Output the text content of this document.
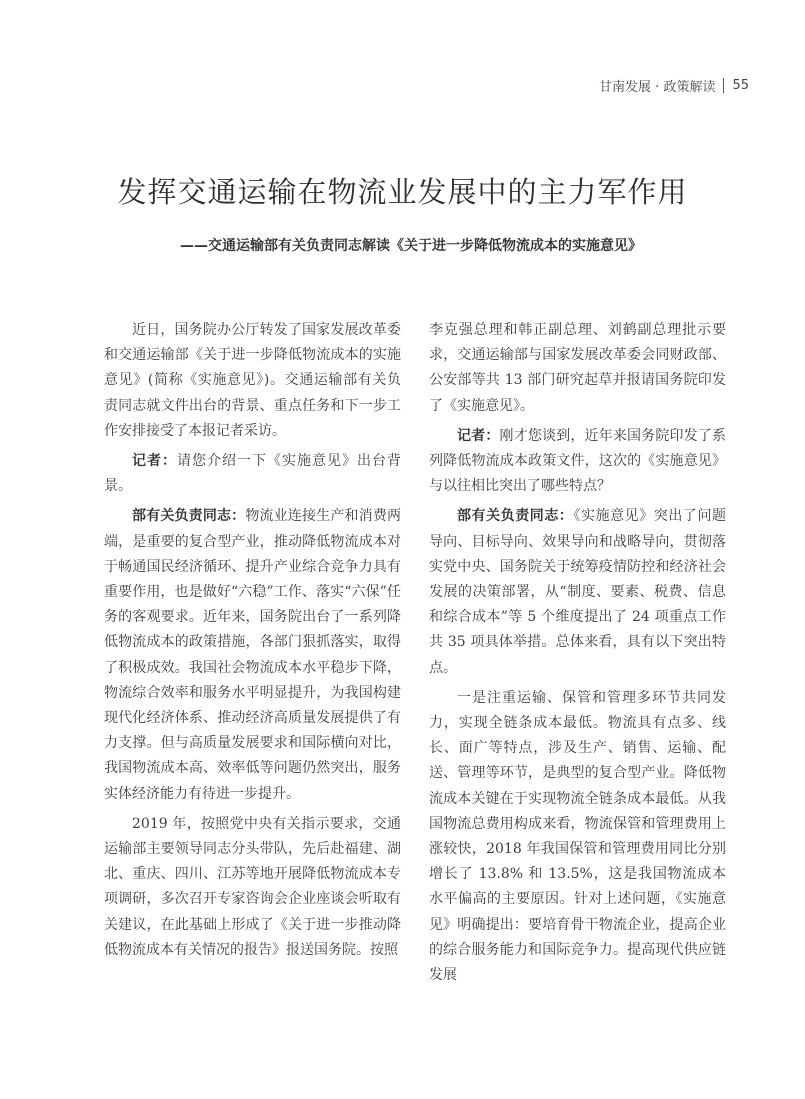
甘南发展 · 政策解读 55
发挥交通运输在物流业发展中的主力军作用
——交通运输部有关负责同志解读《关于进一步降低物流成本的实施意见》

近日，国务院办公厅转发了国家发展改革委和交通运输部《关于进一步降低物流成本的实施意见》(简称《实施意见》)。交通运输部有关负责同志就文件出台的背景、重点任务和下一步工作安排接受了本报记者采访。

记者：请您介绍一下《实施意见》出台背景。

部有关负责同志：物流业连接生产和消费两端，是重要的复合型产业，推动降低物流成本对于畅通国民经济循环、提升产业综合竞争力具有重要作用，也是做好“六稳”工作、落实“六保”任务的客观要求。近年来，国务院出台了一系列降低物流成本的政策措施，各部门狠抓落实，取得了积极成效。我国社会物流成本水平稳步下降，物流综合效率和服务水平明显提升，为我国构建现代化经济体系、推动经济高质量发展提供了有力支撑。但与高质量发展要求和国际横向对比，我国物流成本高、效率低等问题仍然突出，服务实体经济能力有待进一步提升。

2019 年，按照党中央有关指示要求，交通运输部主要领导同志分头带队，先后赴福建、湖北、重庆、四川、江苏等地开展降低物流成本专项调研，多次召开专家咨询会企业座谈会听取有关建议，在此基础上形成了《关于进一步推动降低物流成本有关情况的报告》报送国务院。按照

李克强总理和韩正副总理、刘鹤副总理批示要求，交通运输部与国家发展改革委会同财政部、公安部等共 13 部门研究起草并报请国务院印发了《实施意见》。

记者：刚才您谈到，近年来国务院印发了系列降低物流成本政策文件，这次的《实施意见》与以往相比突出了哪些特点？

部有关负责同志：《实施意见》突出了问题导向、目标导向、效果导向和战略导向，贯彻落实党中央、国务院关于统筹疫情防控和经济社会发展的决策部署，从“制度、要素、税费、信息和综合成本”等 5 个维度提出了 24 项重点工作共 35 项具体举措。总体来看，具有以下突出特点。

一是注重运输、保管和管理多环节共同发力，实现全链条成本最低。物流具有点多、线长、面广等特点，涉及生产、销售、运输、配送、管理等环节，是典型的复合型产业。降低物流成本关键在于实现物流全链条成本最低。从我国物流总费用构成来看，物流保管和管理费用上涨较快，2018 年我国保管和管理费用同比分别增长了 13.8% 和 13.5%，这是我国物流成本水平偏高的主要原因。针对上述问题，《实施意见》明确提出：要培育骨干物流企业，提高企业的综合服务能力和国际竞争力。提高现代供应链发展
